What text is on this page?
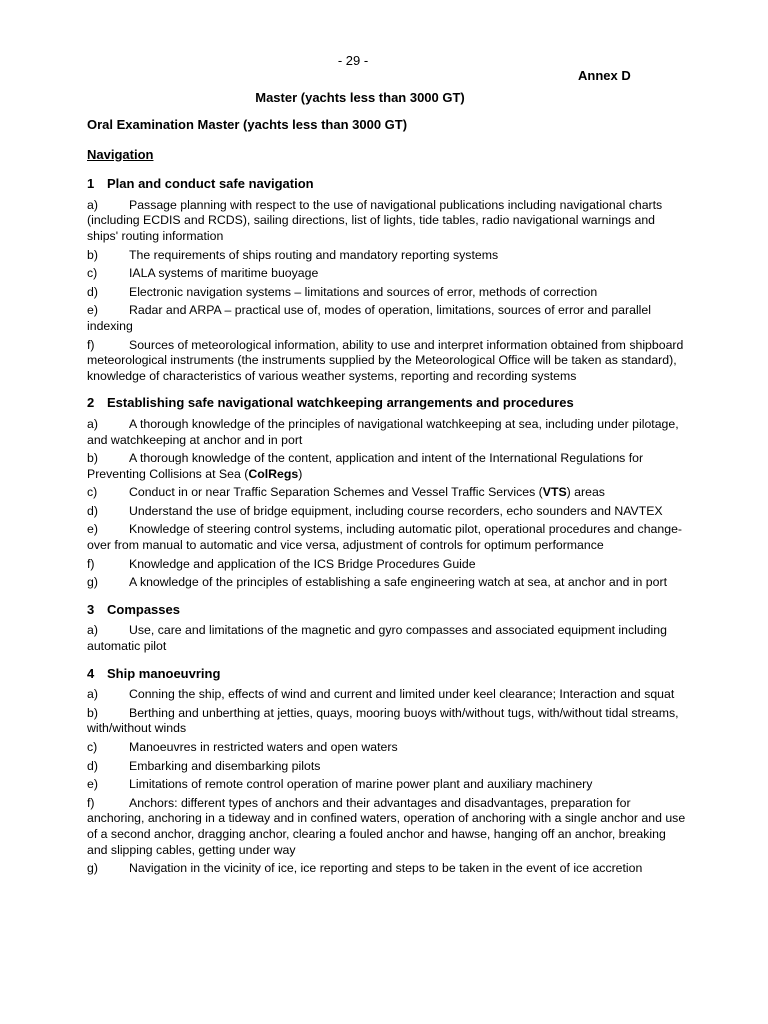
- 29 -
Annex D
Master (yachts less than 3000 GT)
Oral Examination Master (yachts less than 3000 GT)
Navigation
1 Plan and conduct safe navigation
a)	Passage planning with respect to the use of navigational publications including navigational charts (including ECDIS and RCDS), sailing directions, list of lights, tide tables, radio navigational warnings and ships' routing information
b)	The requirements of ships routing and mandatory reporting systems
c)	IALA systems of maritime buoyage
d)	Electronic navigation systems – limitations and sources of error, methods of correction
e)	Radar and ARPA – practical use of, modes of operation, limitations, sources of error and parallel indexing
f)	Sources of meteorological information, ability to use and interpret information obtained from shipboard meteorological instruments (the instruments supplied by the Meteorological Office will be taken as standard), knowledge of characteristics of various weather systems, reporting and recording systems
2 Establishing safe navigational watchkeeping arrangements and procedures
a)	A thorough knowledge of the principles of navigational watchkeeping at sea, including under pilotage, and watchkeeping at anchor and in port
b)	A thorough knowledge of the content, application and intent of the International Regulations for Preventing Collisions at Sea (ColRegs)
c)	Conduct in or near Traffic Separation Schemes and Vessel Traffic Services (VTS) areas
d)	Understand the use of bridge equipment, including course recorders, echo sounders and NAVTEX
e)	Knowledge of steering control systems, including automatic pilot, operational procedures and change-over from manual to automatic and vice versa, adjustment of controls for optimum performance
f)	Knowledge and application of the ICS Bridge Procedures Guide
g)	A knowledge of the principles of establishing a safe engineering watch at sea, at anchor and in port
3 Compasses
a)	Use, care and limitations of the magnetic and gyro compasses and associated equipment including automatic pilot
4 Ship manoeuvring
a)	Conning the ship, effects of wind and current and limited under keel clearance; Interaction and squat
b)	Berthing and unberthing at jetties, quays, mooring buoys with/without tugs, with/without tidal streams, with/without winds
c)	Manoeuvres in restricted waters and open waters
d)	Embarking and disembarking pilots
e)	Limitations of remote control operation of marine power plant and auxiliary machinery
f)	Anchors: different types of anchors and their advantages and disadvantages, preparation for anchoring, anchoring in a tideway and in confined waters, operation of anchoring with a single anchor and use of a second anchor, dragging anchor, clearing a fouled anchor and hawse, hanging off an anchor, breaking and slipping cables, getting under way
g)	Navigation in the vicinity of ice, ice reporting and steps to be taken in the event of ice accretion
